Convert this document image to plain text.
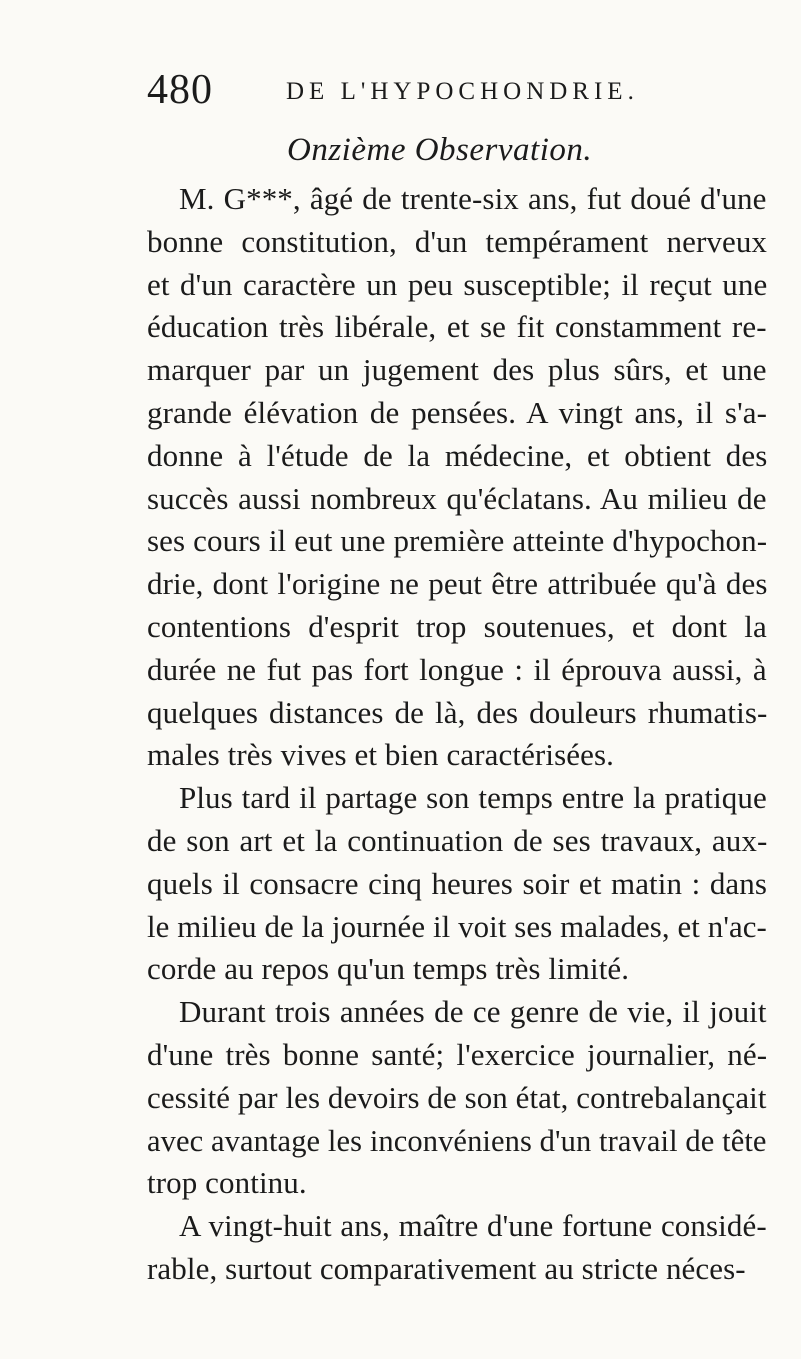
480	DE L'HYPOCHONDRIE.
Onzième Observation.

M. G***, âgé de trente-six ans, fut doué d'une
bonne constitution, d'un tempérament nerveux
et d'un caractère un peu susceptible; il reçut une
éducation très libérale, et se fit constamment re-
marquer par un jugement des plus sûrs, et une
grande élévation de pensées. A vingt ans, il s'a-
donne à l'étude de la médecine, et obtient des
succès aussi nombreux qu'éclatans. Au milieu de
ses cours il eut une première atteinte d'hypochon-
drie, dont l'origine ne peut être attribuée qu'à des
contentions d'esprit trop soutenues, et dont la
durée ne fut pas fort longue : il éprouva aussi, à
quelques distances de là, des douleurs rhumatis-
males très vives et bien caractérisées.

Plus tard il partage son temps entre la pratique
de son art et la continuation de ses travaux, aux-
quels il consacre cinq heures soir et matin : dans
le milieu de la journée il voit ses malades, et n'ac-
corde au repos qu'un temps très limité.

Durant trois années de ce genre de vie, il jouit
d'une très bonne santé; l'exercice journalier, né-
cessité par les devoirs de son état, contrebalançait
avec avantage les inconvéniens d'un travail de tête
trop continu.

A vingt-huit ans, maître d'une fortune considé-
rable, surtout comparativement au stricte néces-
